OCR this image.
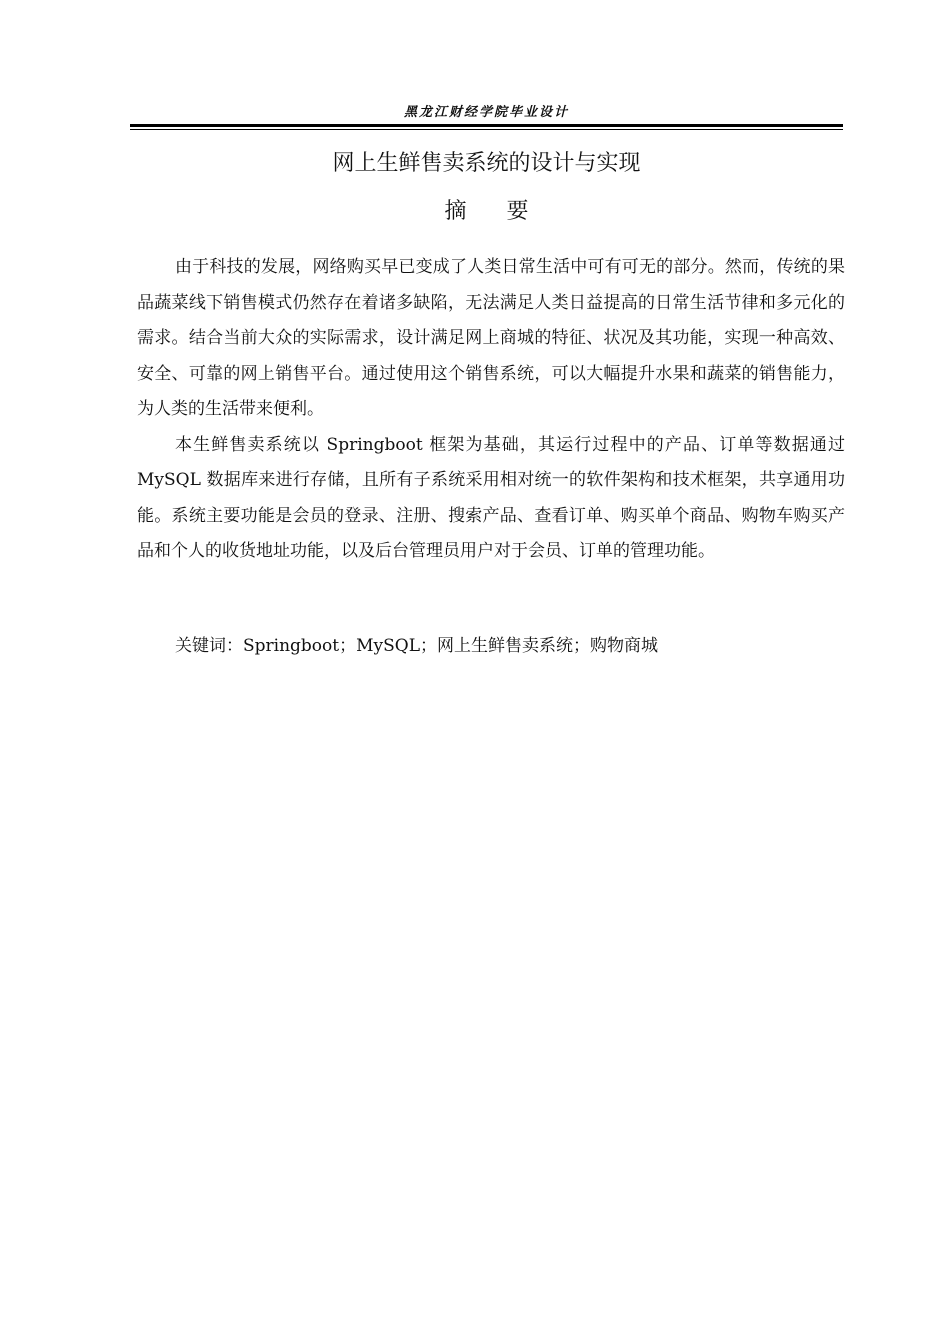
黑龙江财经学院毕业设计
网上生鲜售卖系统的设计与实现
摘要

由于科技的发展，网络购买早已变成了人类日常生活中可有可无的部分。然而，传统的果品蔬菜线下销售模式仍然存在着诸多缺陷，无法满足人类日益提高的日常生活节律和多元化的需求。结合当前大众的实际需求，设计满足网上商城的特征、状况及其功能，实现一种高效、安全、可靠的网上销售平台。通过使用这个销售系统，可以大幅提升水果和蔬菜的销售能力，为人类的生活带来便利。

本生鲜售卖系统以 Springboot 框架为基础，其运行过程中的产品、订单等数据通过 MySQL 数据库来进行存储，且所有子系统采用相对统一的软件架构和技术框架，共享通用功能。系统主要功能是会员的登录、注册、搜索产品、查看订单、购买单个商品、购物车购买产品和个人的收货地址功能，以及后台管理员用户对于会员、订单的管理功能。

关键词：Springboot；MySQL；网上生鲜售卖系统；购物商城
